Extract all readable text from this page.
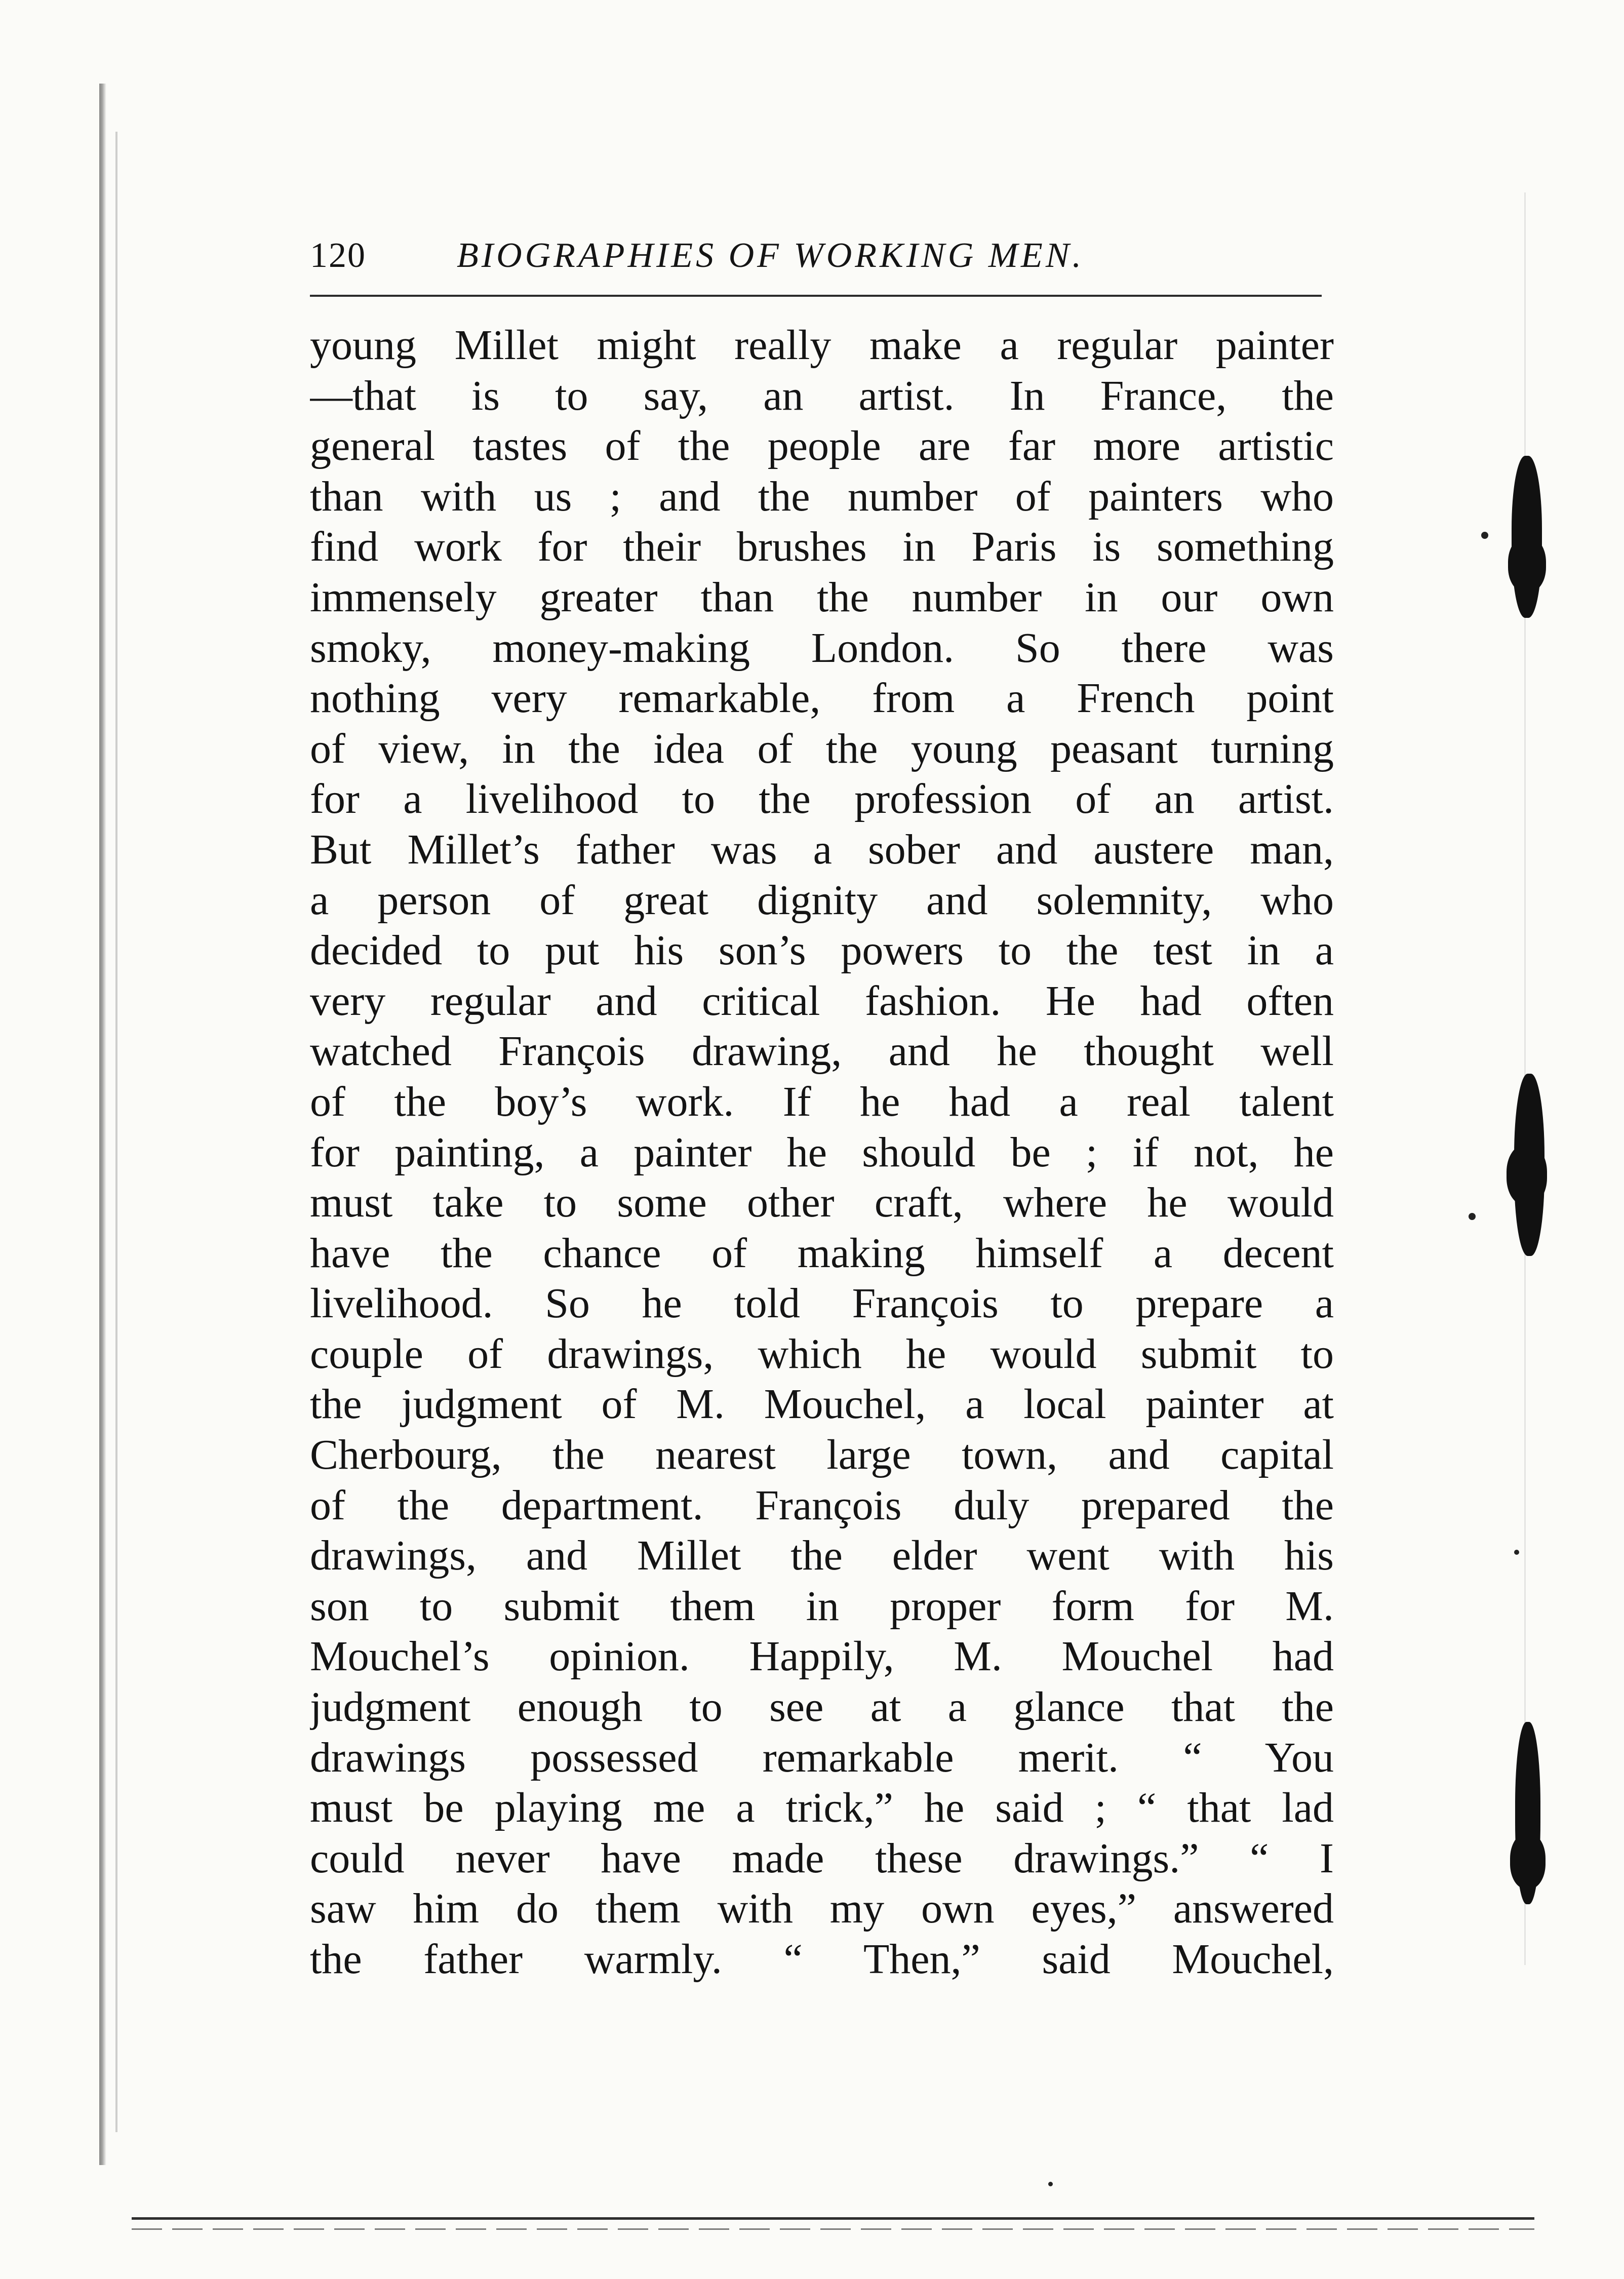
120	BIOGRAPHIES OF WORKING MEN.
young Millet might really make a regular painter
—that is to say, an artist. In France, the
general tastes of the people are far more artistic
than with us ; and the number of painters who
find work for their brushes in Paris is something
immensely greater than the number in our own
smoky, money-making London. So there was
nothing very remarkable, from a French point
of view, in the idea of the young peasant turning
for a livelihood to the profession of an artist.
But Millet’s father was a sober and austere man,
a person of great dignity and solemnity, who
decided to put his son’s powers to the test in a
very regular and critical fashion. He had often
watched François drawing, and he thought well
of the boy’s work. If he had a real talent
for painting, a painter he should be ; if not, he
must take to some other craft, where he would
have the chance of making himself a decent
livelihood. So he told François to prepare a
couple of drawings, which he would submit to
the judgment of M. Mouchel, a local painter at
Cherbourg, the nearest large town, and capital
of the department. François duly prepared the
drawings, and Millet the elder went with his
son to submit them in proper form for M.
Mouchel’s opinion. Happily, M. Mouchel had
judgment enough to see at a glance that the
drawings possessed remarkable merit. “ You
must be playing me a trick,” he said ; “ that lad
could never have made these drawings.” “ I
saw him do them with my own eyes,” answered
the father warmly. “ Then,” said Mouchel,
